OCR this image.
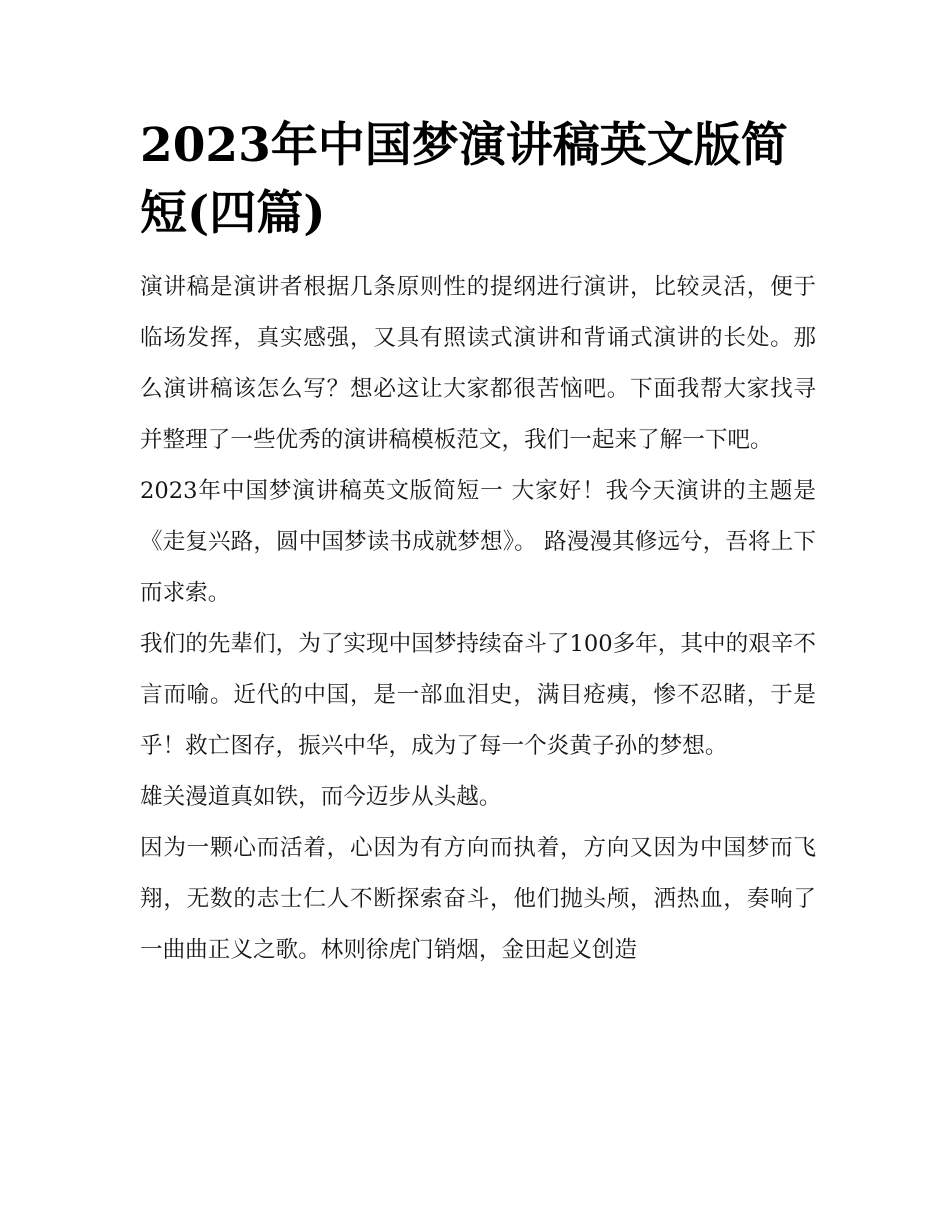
2023年中国梦演讲稿英文版简短(四篇)

演讲稿是演讲者根据几条原则性的提纲进行演讲，比较灵活，便于临场发挥，真实感强，又具有照读式演讲和背诵式演讲的长处。那么演讲稿该怎么写？想必这让大家都很苦恼吧。下面我帮大家找寻并整理了一些优秀的演讲稿模板范文，我们一起来了解一下吧。

2023年中国梦演讲稿英文版简短一 大家好！我今天演讲的主题是《走复兴路，圆中国梦读书成就梦想》。 路漫漫其修远兮，吾将上下而求索。

我们的先辈们，为了实现中国梦持续奋斗了100多年，其中的艰辛不言而喻。近代的中国，是一部血泪史，满目疮痍，惨不忍睹，于是乎！救亡图存，振兴中华，成为了每一个炎黄子孙的梦想。

雄关漫道真如铁，而今迈步从头越。

因为一颗心而活着，心因为有方向而执着，方向又因为中国梦而飞翔，无数的志士仁人不断探索奋斗，他们抛头颅，洒热血，奏响了一曲曲正义之歌。林则徐虎门销烟，金田起义创造
